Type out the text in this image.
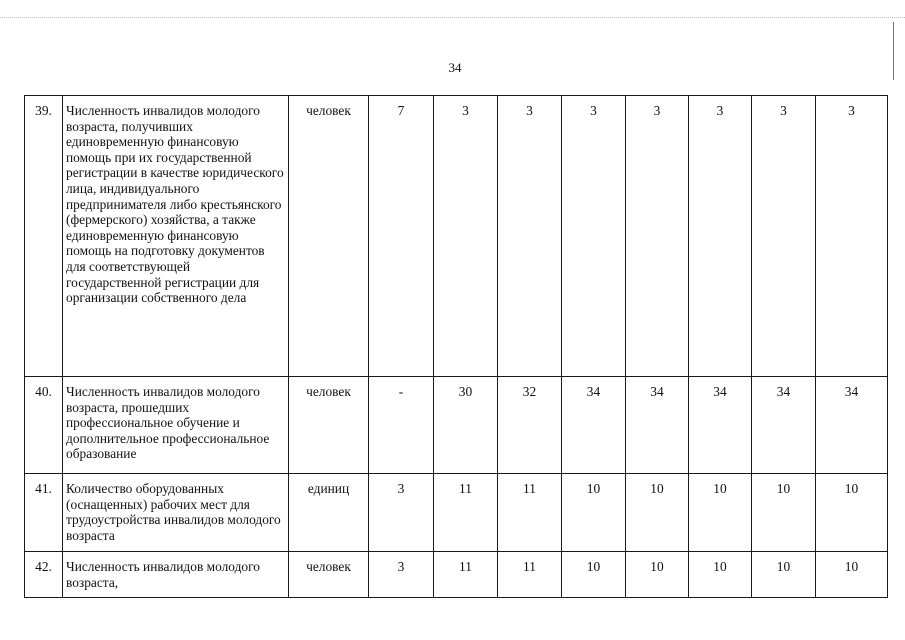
34
39.	Численность инвалидов молодого возраста, получивших единовременную финансовую помощь при их государственной регистрации в качестве юридического лица, индивидуального предпринимателя либо крестьянского (фермерского) хозяйства, а также единовременную финансовую помощь на подготовку документов для соответствующей государственной регистрации для организации собственного дела	человек	7	3	3	3	3	3	3	3
40.	Численность инвалидов молодого возраста, прошедших профессиональное обучение и дополнительное профессиональное образование	человек	-	30	32	34	34	34	34	34
41.	Количество оборудованных (оснащенных) рабочих мест для трудоустройства инвалидов молодого возраста	единиц	3	11	11	10	10	10	10	10
42.	Численность инвалидов молодого возраста,	человек	3	11	11	10	10	10	10	10
